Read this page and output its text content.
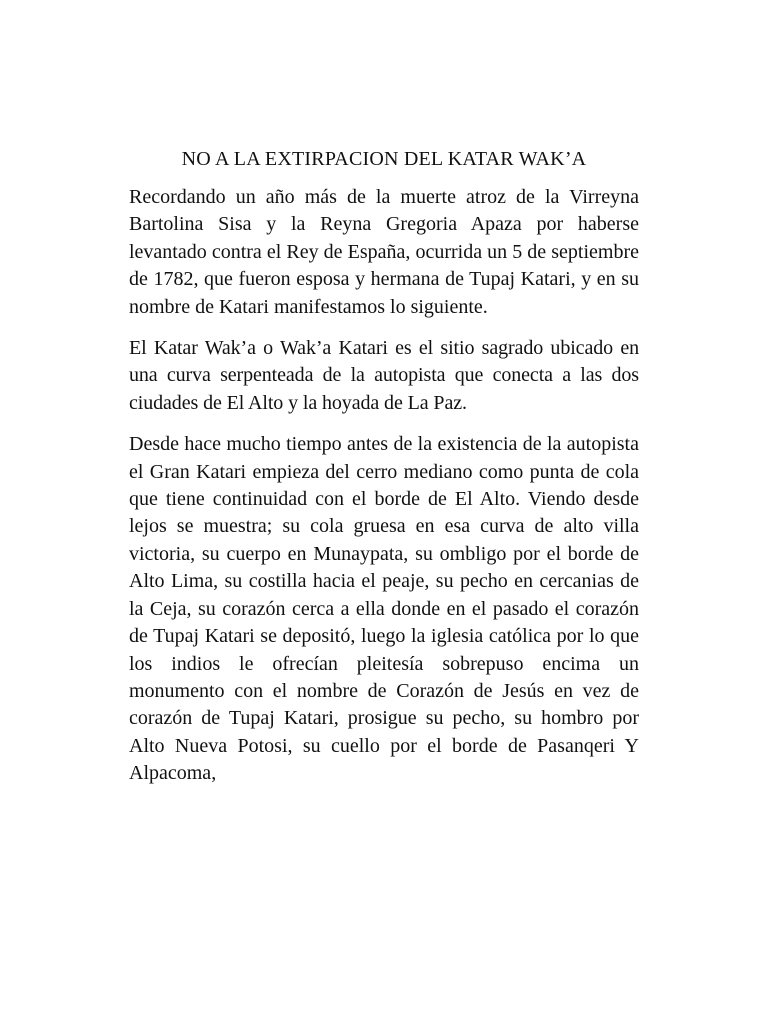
NO A LA EXTIRPACION DEL KATAR WAK’A

Recordando un año más de la muerte atroz de la Virreyna Bartolina Sisa y la Reyna Gregoria Apaza por haberse levantado contra el Rey de España, ocurrida un 5 de septiembre de 1782, que fueron esposa y hermana de Tupaj Katari, y en su nombre de Katari manifestamos lo siguiente.

El Katar Wak’a o Wak’a Katari es el sitio sagrado ubicado en una curva serpenteada de la autopista que conecta a las dos ciudades de El Alto y la hoyada de La Paz.

Desde hace mucho tiempo antes de la existencia de la autopista el Gran Katari empieza del cerro mediano como punta de cola que tiene continuidad con el borde de El Alto. Viendo desde lejos se muestra; su cola gruesa en esa curva de alto villa victoria, su cuerpo en Munaypata, su ombligo por el borde de Alto Lima, su costilla hacia el peaje, su pecho en cercanias de la Ceja, su corazón cerca a ella donde en el pasado el corazón de Tupaj Katari se depositó, luego la iglesia católica por lo que los indios le ofrecían pleitesía sobrepuso encima un monumento con el nombre de Corazón de Jesús en vez de corazón de Tupaj Katari, prosigue su pecho, su hombro por Alto Nueva Potosi, su cuello por el borde de Pasanqeri Y Alpacoma,
